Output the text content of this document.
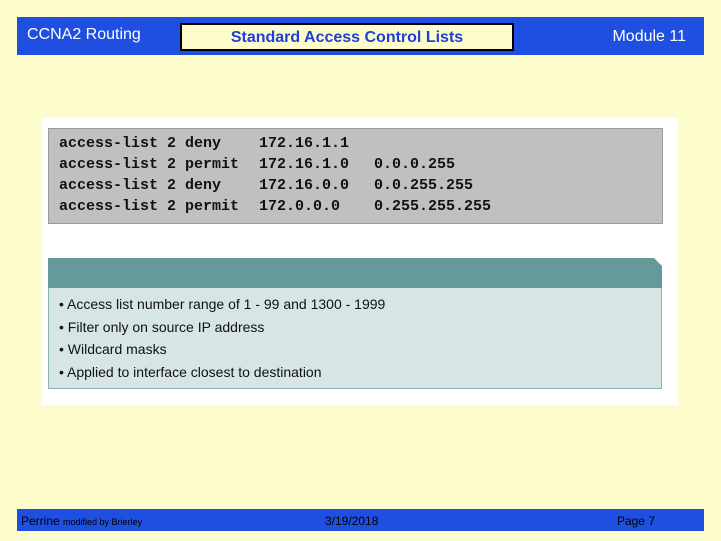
CCNA2 Routing	Standard Access Control Lists	Module 11
access-list 2 deny	172.16.1.1
access-list 2 permit 172.16.1.0 0.0.0.255
access-list 2 deny	172.16.0.0 0.0.255.255
access-list 2 permit 172.0.0.0 0.255.255.255
• Access list number range of 1 - 99 and 1300 - 1999
• Filter only on source IP address
• Wildcard masks
• Applied to interface closest to destination
Perrine modified by Brierley	3/19/2018	Page 7
